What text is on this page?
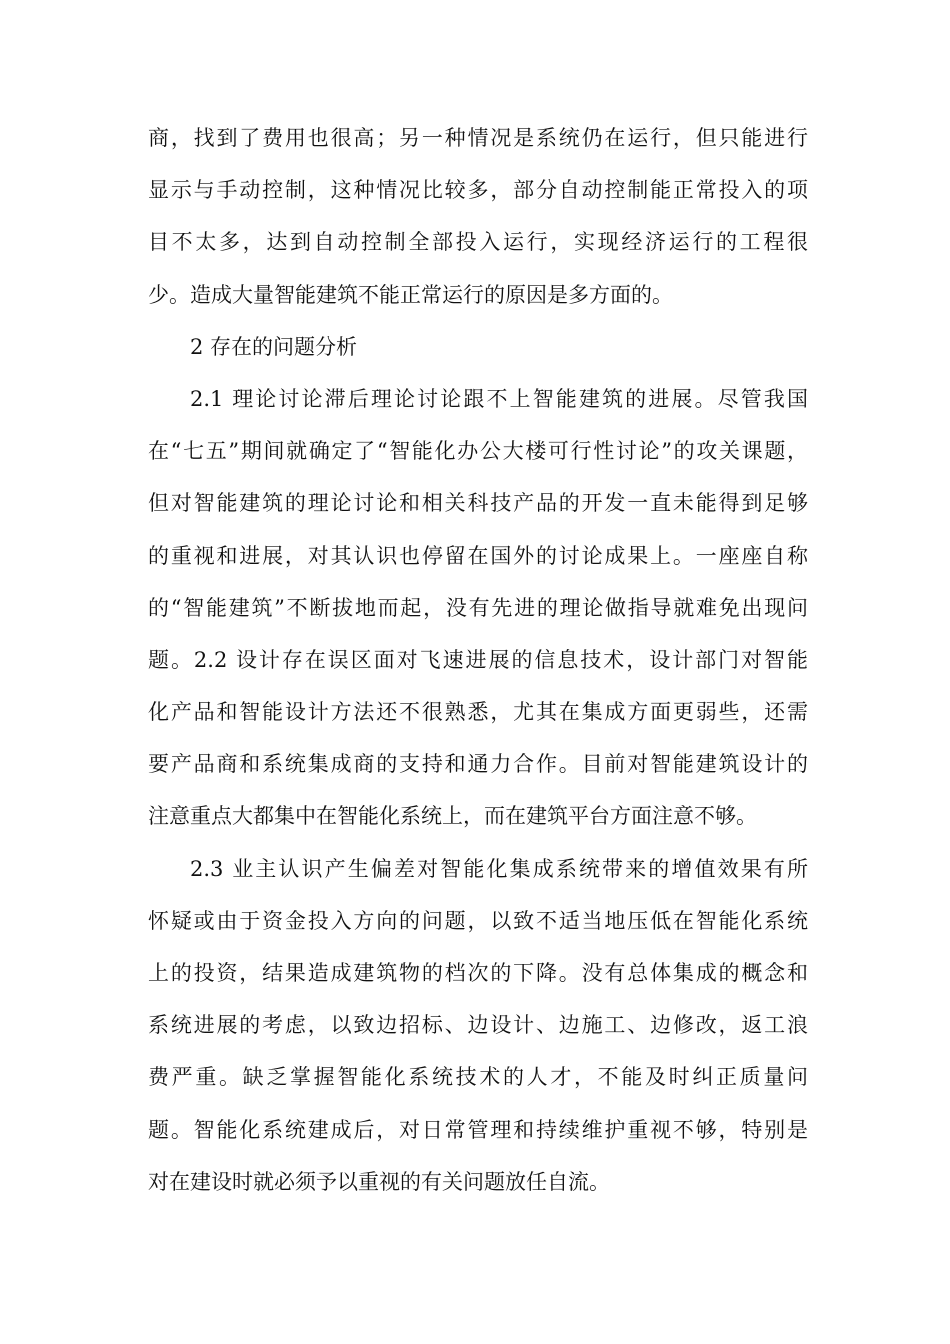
商，找到了费用也很高；另一种情况是系统仍在运行，但只能进行
显示与手动控制，这种情况比较多，部分自动控制能正常投入的项
目不太多，达到自动控制全部投入运行，实现经济运行的工程很
少。造成大量智能建筑不能正常运行的原因是多方面的。
2 存在的问题分析
2.1 理论讨论滞后理论讨论跟不上智能建筑的进展。尽管我国
在“七五”期间就确定了“智能化办公大楼可行性讨论”的攻关课题，
但对智能建筑的理论讨论和相关科技产品的开发一直未能得到足够
的重视和进展，对其认识也停留在国外的讨论成果上。一座座自称
的“智能建筑”不断拔地而起，没有先进的理论做指导就难免出现问
题。2.2 设计存在误区面对飞速进展的信息技术，设计部门对智能
化产品和智能设计方法还不很熟悉，尤其在集成方面更弱些，还需
要产品商和系统集成商的支持和通力合作。目前对智能建筑设计的
注意重点大都集中在智能化系统上，而在建筑平台方面注意不够。
2.3 业主认识产生偏差对智能化集成系统带来的增值效果有所
怀疑或由于资金投入方向的问题，以致不适当地压低在智能化系统
上的投资，结果造成建筑物的档次的下降。没有总体集成的概念和
系统进展的考虑，以致边招标、边设计、边施工、边修改，返工浪
费严重。缺乏掌握智能化系统技术的人才，不能及时纠正质量问
题。智能化系统建成后，对日常管理和持续维护重视不够，特别是
对在建设时就必须予以重视的有关问题放任自流。
